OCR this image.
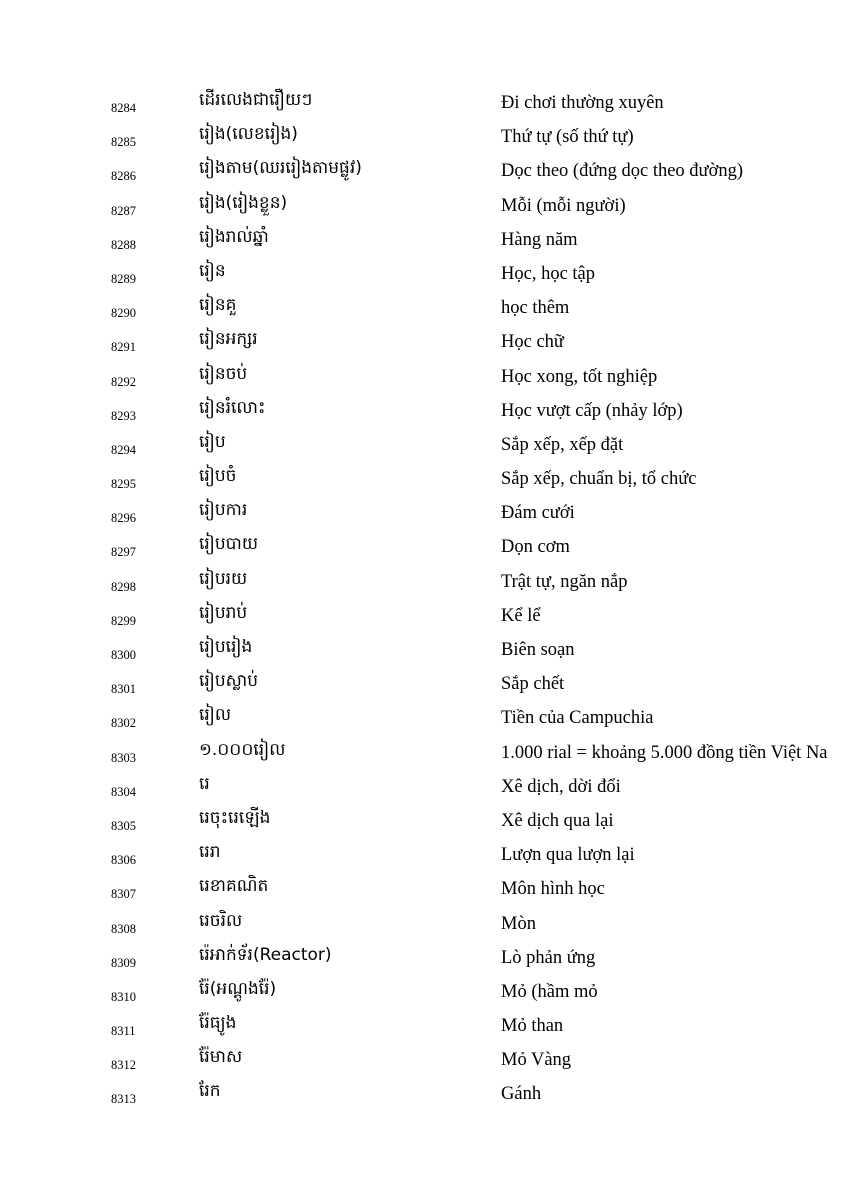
8284	ដើរលេងជារឿយៗ	Đi chơi thường xuyên
8285	រៀង(លេខរៀង)	Thứ tự (số thứ tự)
8286	រៀងតាម(ឈររៀងតាមផ្លូវ)	Dọc theo (đứng dọc theo đường)
8287	រៀង(រៀងខ្លួន)	Mỗi (mỗi người)
8288	រៀងរាល់ឆ្នាំ	Hàng năm
8289	រៀន	Học, học tập
8290	រៀនគួ	học thêm
8291	រៀនអក្សរ	Học chữ
8292	រៀនចប់	Học xong, tốt nghiệp
8293	រៀនរំលោះ	Học vượt cấp (nhảy lớp)
8294	រៀប	Sắp xếp, xếp đặt
8295	រៀបចំ	Sắp xếp, chuẩn bị, tổ chức
8296	រៀបការ	Đám cưới
8297	រៀបបាយ	Dọn cơm
8298	រៀបរយ	Trật tự, ngăn nắp
8299	រៀបរាប់	Kể lể
8300	រៀបរៀង	Biên soạn
8301	រៀបស្លាប់	Sắp chết
8302	រៀល	Tiền của Campuchia
8303	១.០០០រៀល	1.000 rial = khoảng 5.000 đồng tiền Việt Na
8304	រេ	Xê dịch, dời đổi
8305	រេចុះរេឡើង	Xê dịch qua lại
8306	រេរា	Lượn qua lượn lại
8307	រេខាគណិត	Môn hình học
8308	រេចរិល	Mòn
8309	រ៉េអាក់ទ័រ(Reactor)	Lò phản ứng
8310	រ៉ែ(អណ្តូងរ៉ែ)	Mỏ (hầm mỏ
8311	រ៉ែធ្យូង	Mỏ than
8312	រ៉ែមាស	Mỏ Vàng
8313	រែក	Gánh
